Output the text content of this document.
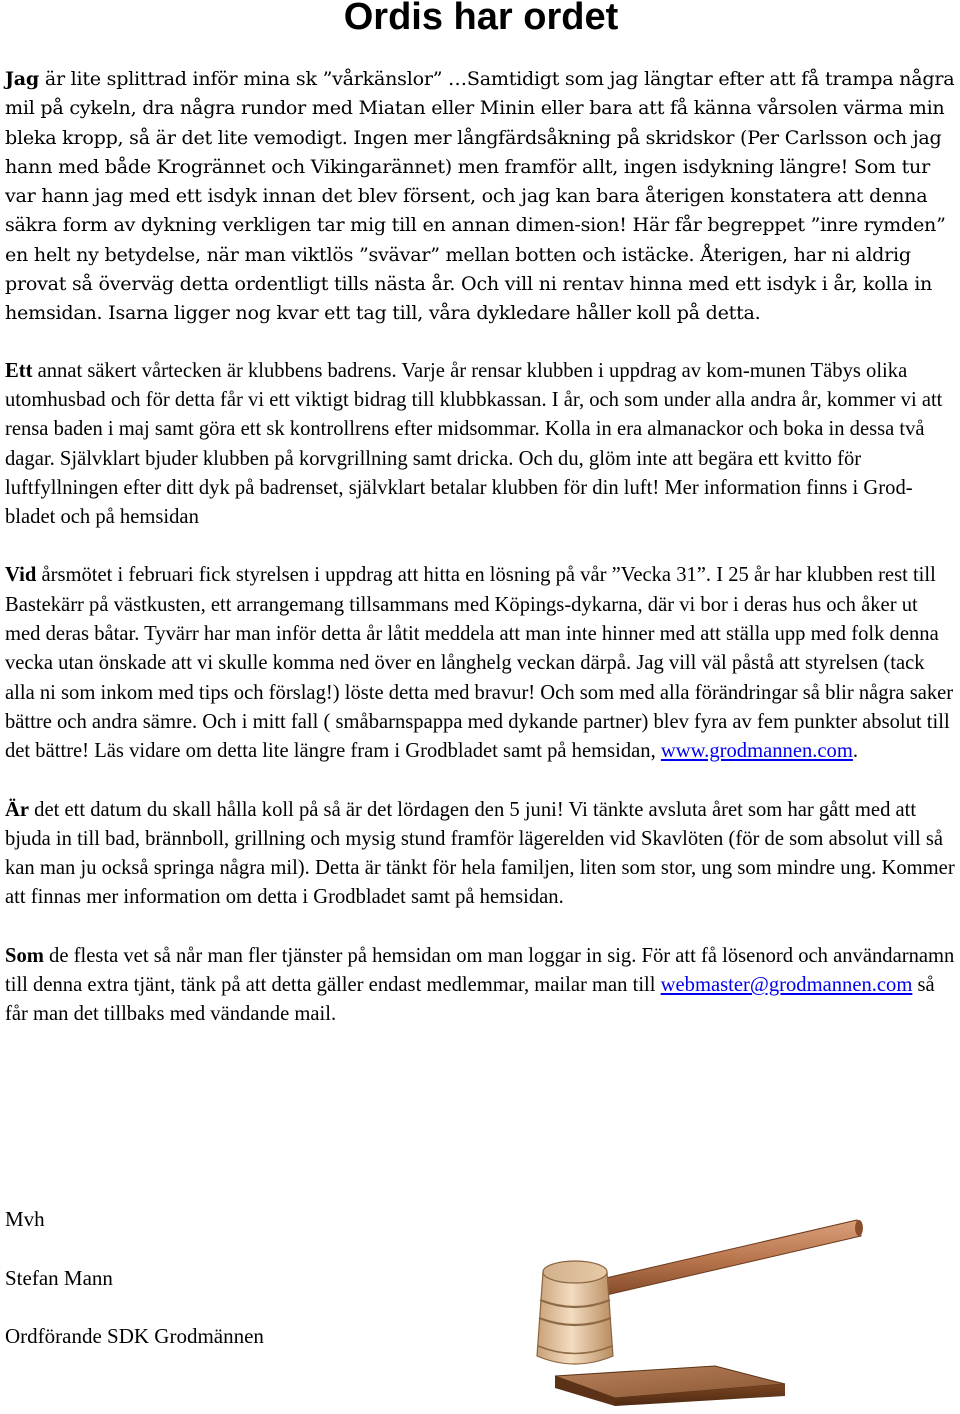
Ordis har ordet

Jag är lite splittrad inför mina sk ”vårkänslor” …Samtidigt som jag längtar efter att få trampa några mil på cykeln, dra några rundor med Miatan eller Minin eller bara att få känna vårsolen värma min bleka kropp, så är det lite vemodigt. Ingen mer långfärdsåkning på skridskor (Per Carlsson och jag hann med både Krogrännet och Vikingarännet) men framför allt, ingen isdykning längre! Som tur var hann jag med ett isdyk innan det blev försent, och jag kan bara återigen konstatera att denna säkra form av dykning verkligen tar mig till en annan dimen-sion! Här får begreppet ”inre rymden” en helt ny betydelse, när man viktlös ”svävar” mellan botten och istäcke. Återigen, har ni aldrig provat så överväg detta ordentligt tills nästa år. Och vill ni rentav hinna med ett isdyk i år, kolla in hemsidan. Isarna ligger nog kvar ett tag till, våra dykledare håller koll på detta.

Ett annat säkert vårtecken är klubbens badrens. Varje år rensar klubben i uppdrag av kom-munen Täbys olika utomhusbad och för detta får vi ett viktigt bidrag till klubbkassan. I år, och som under alla andra år, kommer vi att rensa baden i maj samt göra ett sk kontrollrens efter midsommar. Kolla in era almanackor och boka in dessa två dagar. Självklart bjuder klubben på korvgrillning samt dricka. Och du, glöm inte att begära ett kvitto för luftfyllningen efter ditt dyk på badrenset, självklart betalar klubben för din luft! Mer information finns i Grod-bladet och på hemsidan

Vid årsmötet i februari fick styrelsen i uppdrag att hitta en lösning på vår ”Vecka 31”. I 25 år har klubben rest till Bastekärr på västkusten, ett arrangemang tillsammans med Köpings-dykarna, där vi bor i deras hus och åker ut med deras båtar. Tyvärr har man inför detta år låtit meddela att man inte hinner med att ställa upp med folk denna vecka utan önskade att vi skulle komma ned över en långhelg veckan därpå. Jag vill väl påstå att styrelsen (tack alla ni som inkom med tips och förslag!) löste detta med bravur! Och som med alla förändringar så blir några saker bättre och andra sämre. Och i mitt fall ( småbarnspappa med dykande partner) blev fyra av fem punkter absolut till det bättre! Läs vidare om detta lite längre fram i Grodbladet samt på hemsidan, www.grodmannen.com.

Är det ett datum du skall hålla koll på så är det lördagen den 5 juni! Vi tänkte avsluta året som har gått med att bjuda in till bad, brännboll, grillning och mysig stund framför lägerelden vid Skavlöten (för de som absolut vill så kan man ju också springa några mil). Detta är tänkt för hela familjen, liten som stor, ung som mindre ung. Kommer att finnas mer information om detta i Grodbladet samt på hemsidan.

Som de flesta vet så når man fler tjänster på hemsidan om man loggar in sig. För att få lösenord och användarnamn till denna extra tjänt, tänk på att detta gäller endast medlemmar, mailar man till webmaster@grodmannen.com så får man det tillbaks med vändande mail.

Mvh

Stefan Mann

Ordförande SDK Grodmännen
